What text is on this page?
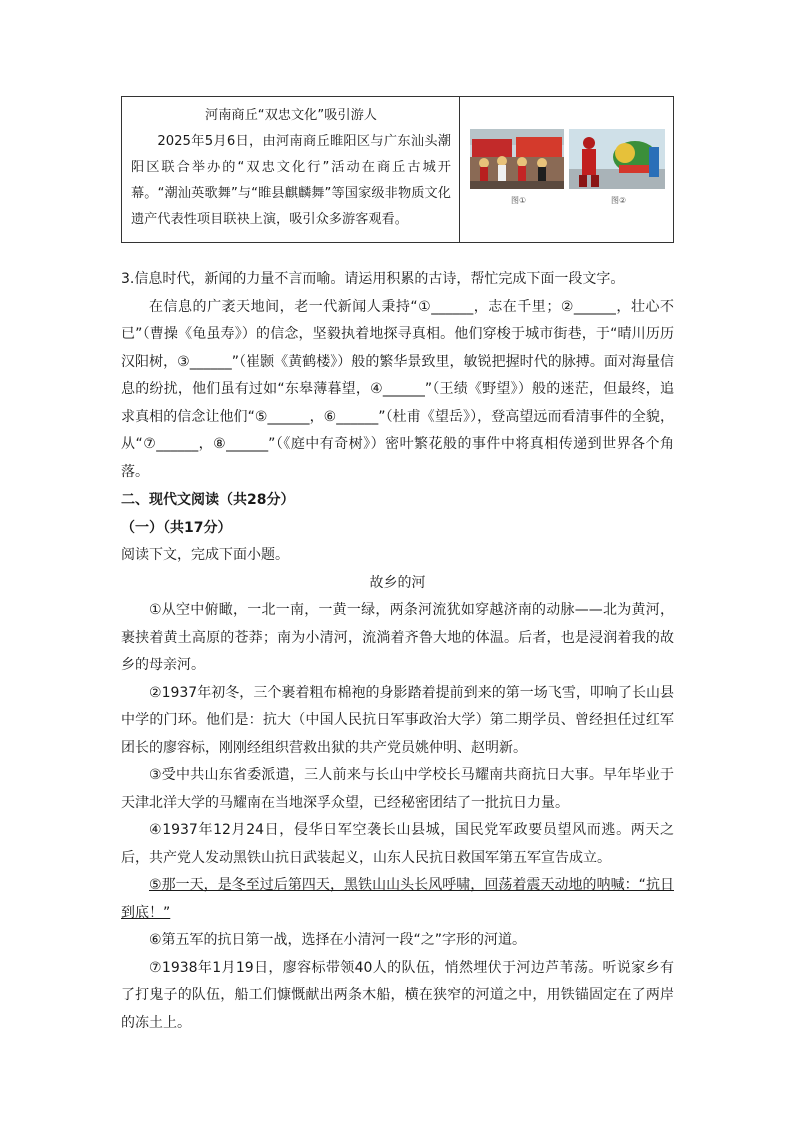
河南商丘“双忠文化”吸引游人
2025年5月6日，由河南商丘睢阳区与广东汕头潮阳区联合举办的“双忠文化行”活动在商丘古城开幕。“潮汕英歌舞”与“睢县麒麟舞”等国家级非物质文化遗产代表性项目联袂上演，吸引众多游客观看。
图①	图②

3.信息时代，新闻的力量不言而喻。请运用积累的古诗，帮忙完成下面一段文字。

在信息的广袤天地间，老一代新闻人秉持“①______，志在千里；②______，壮心不已”（曹操《龟虽寿》）的信念，坚毅执着地探寻真相。他们穿梭于城市街巷，于“晴川历历汉阳树，③______”（崔颢《黄鹤楼》）般的繁华景致里，敏锐把握时代的脉搏。面对海量信息的纷扰，他们虽有过如“东皋薄暮望，④______”（王绩《野望》）般的迷茫，但最终，追求真相的信念让他们“⑤______，⑥______”（杜甫《望岳》），登高望远而看清事件的全貌，从“⑦______，⑧______”（《庭中有奇树》）密叶繁花般的事件中将真相传递到世界各个角落。

二、现代文阅读（共28分）

（一）（共17分）

阅读下文，完成下面小题。

故乡的河

①从空中俯瞰，一北一南，一黄一绿，两条河流犹如穿越济南的动脉——北为黄河，裹挟着黄土高原的苍莽；南为小清河，流淌着齐鲁大地的体温。后者，也是浸润着我的故乡的母亲河。

②1937年初冬，三个裹着粗布棉袍的身影踏着提前到来的第一场飞雪，叩响了长山县中学的门环。他们是：抗大（中国人民抗日军事政治大学）第二期学员、曾经担任过红军团长的廖容标，刚刚经组织营救出狱的共产党员姚仲明、赵明新。

③受中共山东省委派遣，三人前来与长山中学校长马耀南共商抗日大事。早年毕业于天津北洋大学的马耀南在当地深孚众望，已经秘密团结了一批抗日力量。

④1937年12月24日，侵华日军空袭长山县城，国民党军政要员望风而逃。两天之后，共产党人发动黑铁山抗日武装起义，山东人民抗日救国军第五军宣告成立。

⑤那一天，是冬至过后第四天，黑铁山山头长风呼啸，回荡着震天动地的呐喊：“抗日到底！”

⑥第五军的抗日第一战，选择在小清河一段“之”字形的河道。

⑦1938年1月19日，廖容标带领40人的队伍，悄然埋伏于河边芦苇荡。听说家乡有了打鬼子的队伍，船工们慷慨献出两条木船，横在狭窄的河道之中，用铁锚固定在了两岸的冻土上。
